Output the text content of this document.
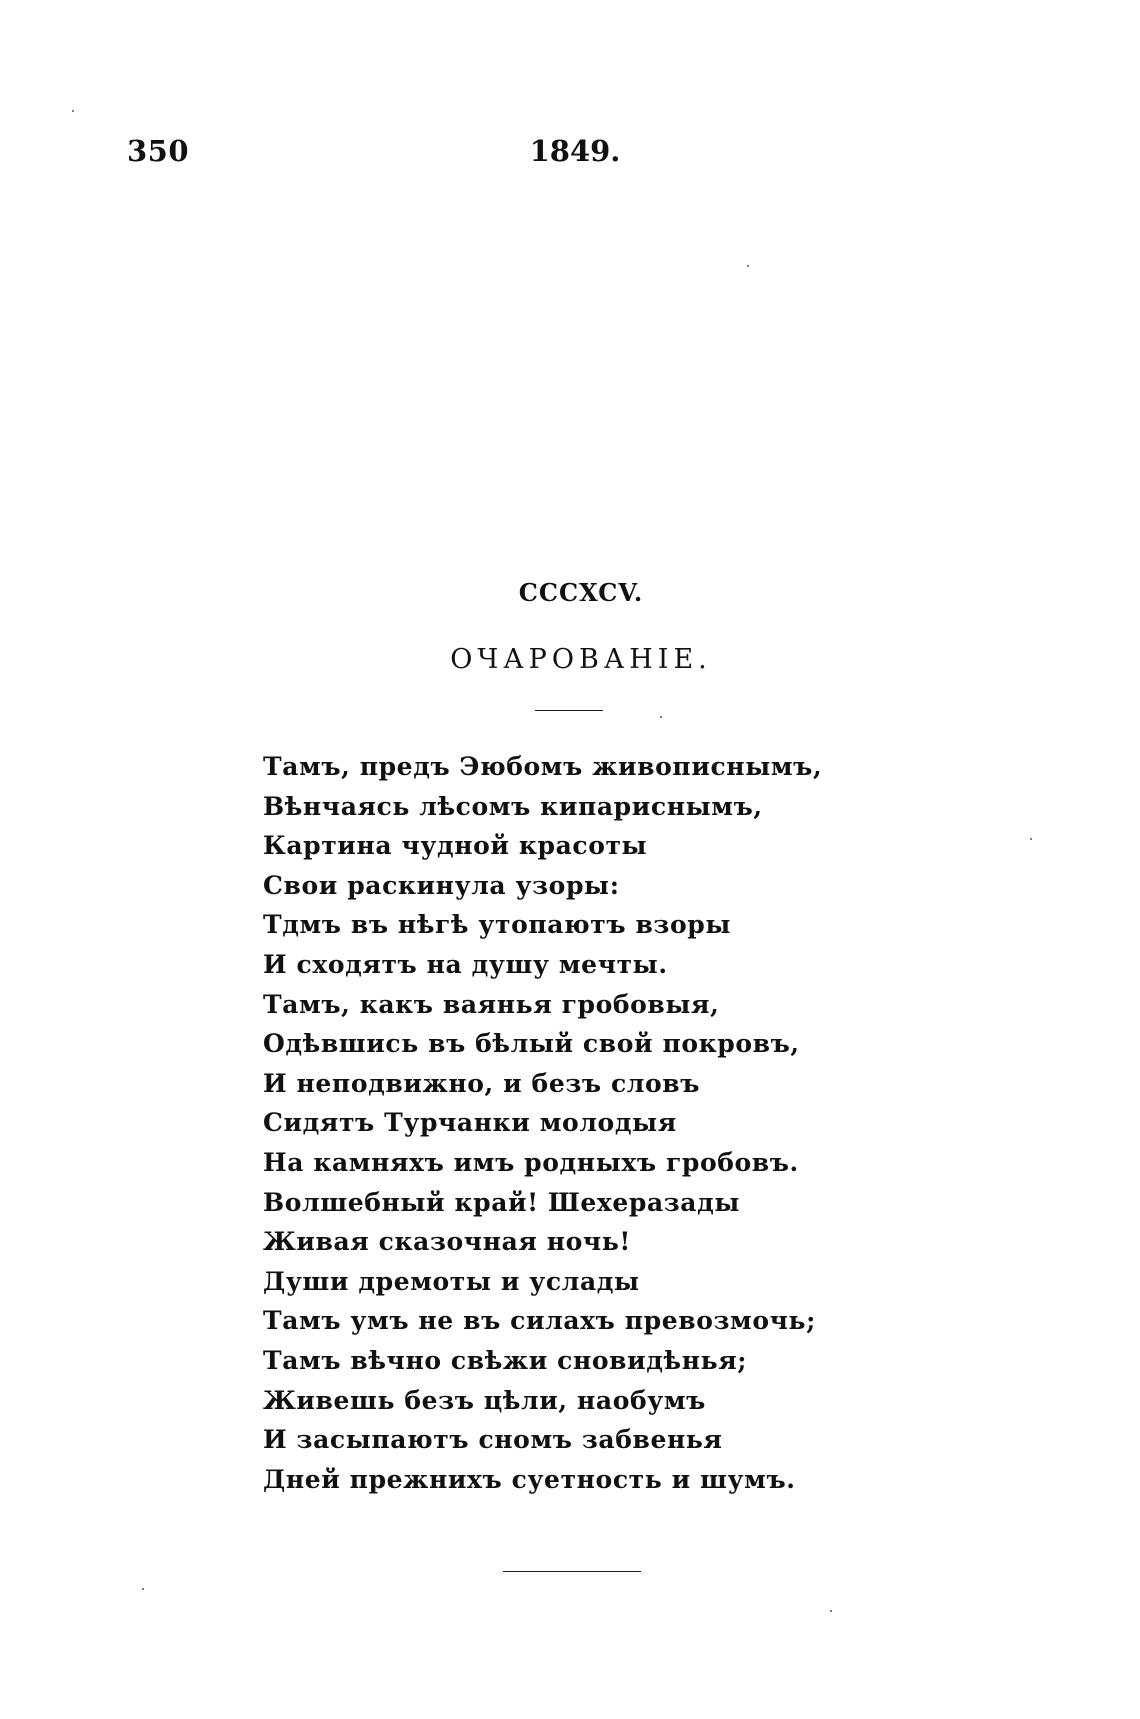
350	1849.
CCCXCV.
ОЧАРОВАНIЕ.
Тамъ, предъ Эюбомъ живописнымъ,
Вѣнчаясь лѣсомъ кипариснымъ,
Картина чудной красоты
Свои раскинула узоры:
Тдмъ въ нѣгѣ утопаютъ взоры
И сходятъ на душу мечты.
Тамъ, какъ ваянья гробовыя,
Одѣвшись въ бѣлый свой покровъ,
И неподвижно, и безъ словъ
Сидятъ Турчанки молодыя
На камняхъ имъ родныхъ гробовъ.
Волшебный край! Шехеразады
Живая сказочная ночь!
Души дремоты и услады
Тамъ умъ не въ силахъ превозмочь;
Тамъ вѣчно свѣжи сновидѣнья;
Живешь безъ цѣли, наобумъ
И засыпаютъ сномъ забвенья
Дней прежнихъ суетность и шумъ.
